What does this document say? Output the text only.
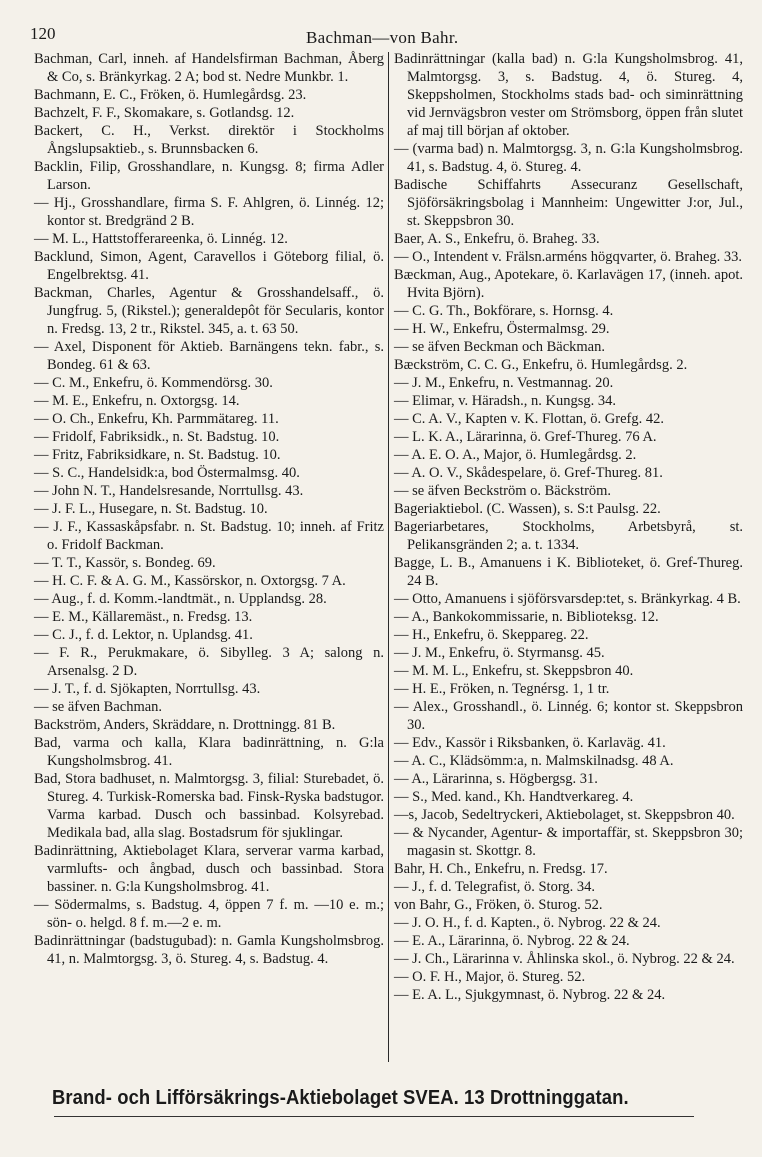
120	Bachman—von Bahr.

Bachman, Carl, inneh. af Handelsfirman Bachman, Åberg & Co, s. Bränkyrkag. 2 A; bod st. Nedre Munkbr. 1.

Bachmann, E. C., Fröken, ö. Humlegårdsg. 23.

Bachzelt, F. F., Skomakare, s. Gotlandsg. 12.

Backert, C. H., Verkst. direktör i Stockholms Ångslupsaktieb., s. Brunnsbacken 6.

Backlin, Filip, Grosshandlare, n. Kungsg. 8; firma Adler Larson.

— Hj., Grosshandlare, firma S. F. Ahlgren, ö. Linnég. 12; kontor st. Bredgränd 2 B.

— M. L., Hattstofferareenka, ö. Linnég. 12.

Backlund, Simon, Agent, Caravellos i Göteborg filial, ö. Engelbrektsg. 41.

Backman, Charles, Agentur & Grosshandelsaff., ö. Jungfrug. 5, (Rikstel.); generaldepôt för Secularis, kontor n. Fredsg. 13, 2 tr., Rikstel. 345, a. t. 63 50.

— Axel, Disponent för Aktieb. Barnängens tekn. fabr., s. Bondeg. 61 & 63.

— C. M., Enkefru, ö. Kommendörsg. 30.

— M. E., Enkefru, n. Oxtorgsg. 14.

— O. Ch., Enkefru, Kh. Parmmätareg. 11.

— Fridolf, Fabriksidk., n. St. Badstug. 10.

— Fritz, Fabriksidkare, n. St. Badstug. 10.

— S. C., Handelsidk:a, bod Östermalmsg. 40.

— John N. T., Handelsresande, Norrtullsg. 43.

— J. F. L., Husegare, n. St. Badstug. 10.

— J. F., Kassaskåpsfabr. n. St. Badstug. 10; inneh. af Fritz o. Fridolf Backman.

— T. T., Kassör, s. Bondeg. 69.

— H. C. F. & A. G. M., Kassörskor, n. Oxtorgsg. 7 A.

— Aug., f. d. Komm.-landtmät., n. Upplandsg. 28.

— E. M., Källaremäst., n. Fredsg. 13.

— C. J., f. d. Lektor, n. Uplandsg. 41.

— F. R., Perukmakare, ö. Sibylleg. 3 A; salong n. Arsenalsg. 2 D.

— J. T., f. d. Sjökapten, Norrtullsg. 43.

— se äfven Bachman.

Backström, Anders, Skräddare, n. Drottningg. 81 B.

Bad, varma och kalla, Klara badinrättning, n. G:la Kungsholmsbrog. 41.

Bad, Stora badhuset, n. Malmtorgsg. 3, filial: Sturebadet, ö. Stureg. 4. Turkisk-Romerska bad. Finsk-Ryska badstugor. Varma karbad. Dusch och bassinbad. Kolsyrebad. Medikala bad, alla slag. Bostadsrum för sjuklingar.

Badinrättning, Aktiebolaget Klara, serverar varma karbad, varmlufts- och ångbad, dusch och bassinbad. Stora bassiner. n. G:la Kungsholmsbrog. 41.

— Södermalms, s. Badstug. 4, öppen 7 f. m. —10 e. m.; sön- o. helgd. 8 f. m.—2 e. m.

Badinrättningar (badstugubad): n. Gamla Kungsholmsbrog. 41, n. Malmtorgsg. 3, ö. Stureg. 4, s. Badstug. 4.

Badinrättningar (kalla bad) n. G:la Kungsholmsbrog. 41, Malmtorgsg. 3, s. Badstug. 4, ö. Stureg. 4, Skeppsholmen, Stockholms stads bad- och siminrättning vid Jernvägsbron vester om Strömsborg, öppen från slutet af maj till början af oktober.

— (varma bad) n. Malmtorgsg. 3, n. G:la Kungsholmsbrog. 41, s. Badstug. 4, ö. Stureg. 4.

Badische Schiffahrts Assecuranz Gesellschaft, Sjöförsäkringsbolag i Mannheim: Ungewitter J:or, Jul., st. Skeppsbron 30.

Baer, A. S., Enkefru, ö. Braheg. 33.

— O., Intendent v. Frälsn.arméns högqvarter, ö. Braheg. 33.

Bæckman, Aug., Apotekare, ö. Karlavägen 17, (inneh. apot. Hvita Björn).

— C. G. Th., Bokförare, s. Hornsg. 4.

— H. W., Enkefru, Östermalmsg. 29.

— se äfven Beckman och Bäckman.

Bæckström, C. C. G., Enkefru, ö. Humlegårdsg. 2.

— J. M., Enkefru, n. Vestmannag. 20.

— Elimar, v. Häradsh., n. Kungsg. 34.

— C. A. V., Kapten v. K. Flottan, ö. Grefg. 42.

— L. K. A., Lärarinna, ö. Gref-Thureg. 76 A.

— A. E. O. A., Major, ö. Humlegårdsg. 2.

— A. O. V., Skådespelare, ö. Gref-Thureg. 81.

— se äfven Beckström o. Bäckström.

Bageriaktiebol. (C. Wassen), s. S:t Paulsg. 22.

Bageriarbetares, Stockholms, Arbetsbyrå, st. Pelikansgränden 2; a. t. 1334.

Bagge, L. B., Amanuens i K. Biblioteket, ö. Gref-Thureg. 24 B.

— Otto, Amanuens i sjöförsvarsdep:tet, s. Bränkyrkag. 4 B.

— A., Bankokommissarie, n. Biblioteksg. 12.

— H., Enkefru, ö. Skeppareg. 22.

— J. M., Enkefru, ö. Styrmansg. 45.

— M. M. L., Enkefru, st. Skeppsbron 40.

— H. E., Fröken, n. Tegnérsg. 1, 1 tr.

— Alex., Grosshandl., ö. Linnég. 6; kontor st. Skeppsbron 30.

— Edv., Kassör i Riksbanken, ö. Karlaväg. 41.

— A. C., Klädsömm:a, n. Malmskilnadsg. 48 A.

— A., Lärarinna, s. Högbergsg. 31.

— S., Med. kand., Kh. Handtverkareg. 4.

—s, Jacob, Sedeltryckeri, Aktiebolaget, st. Skeppsbron 40.

— & Nycander, Agentur- & importaffär, st. Skeppsbron 30; magasin st. Skottgr. 8.

Bahr, H. Ch., Enkefru, n. Fredsg. 17.

— J., f. d. Telegrafist, ö. Storg. 34.

von Bahr, G., Fröken, ö. Sturog. 52.

— J. O. H., f. d. Kapten., ö. Nybrog. 22 & 24.

— E. A., Lärarinna, ö. Nybrog. 22 & 24.

— J. Ch., Lärarinna v. Åhlinska skol., ö. Nybrog. 22 & 24.

— O. F. H., Major, ö. Stureg. 52.

— E. A. L., Sjukgymnast, ö. Nybrog. 22 & 24.

Brand- och Lifförsäkrings-Aktiebolaget SVEA. 13 Drottninggatan.
